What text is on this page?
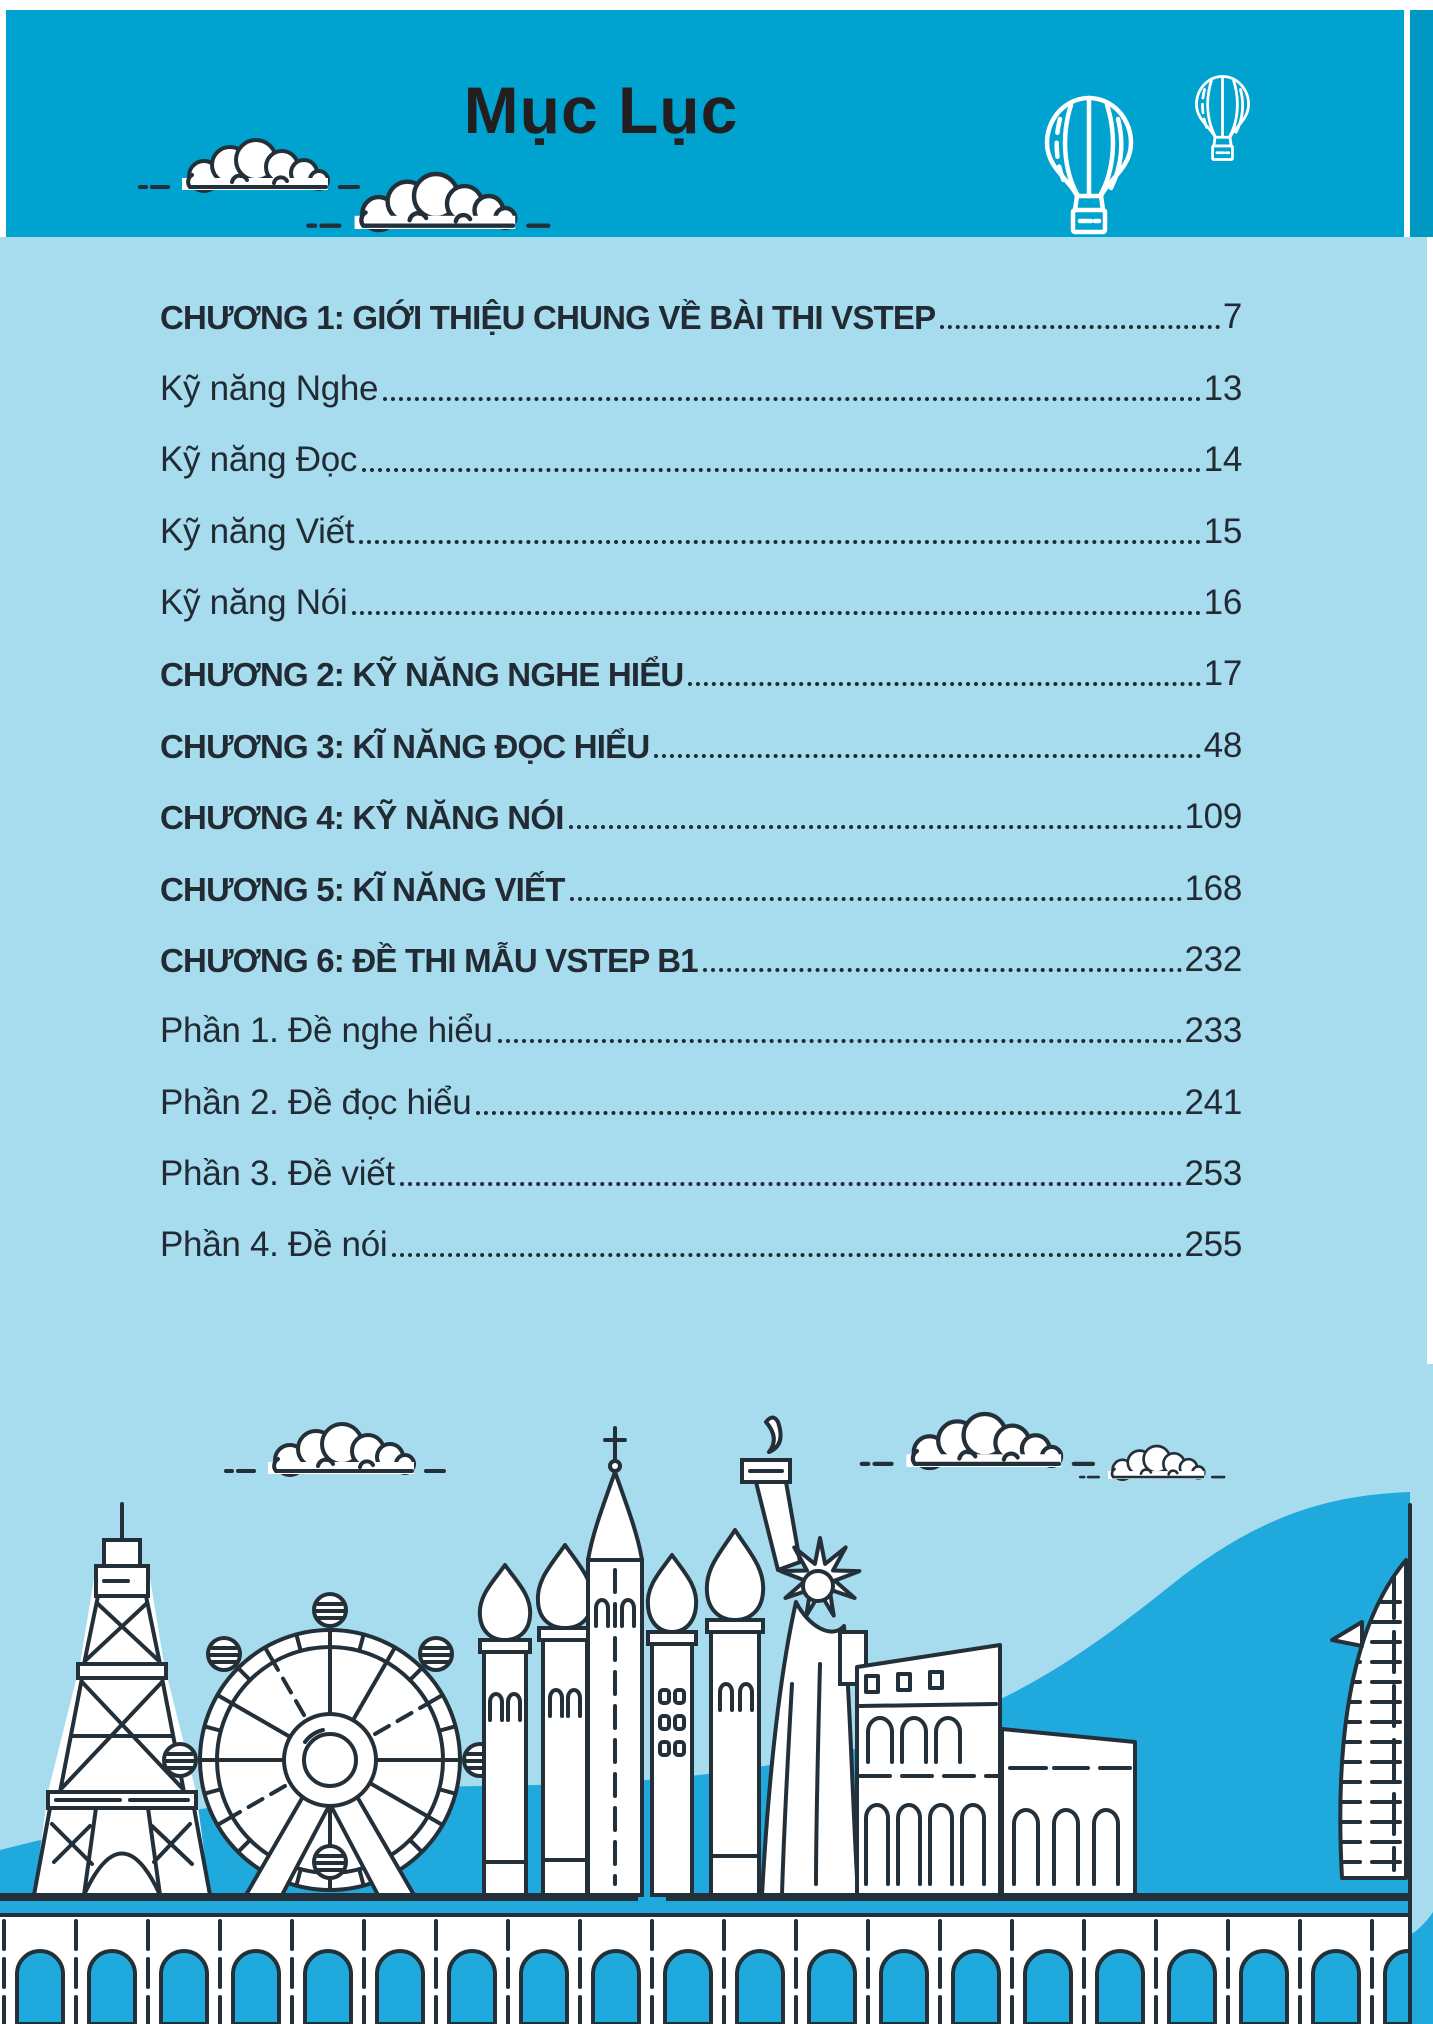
Mục Lục
CHƯƠNG 1: GIỚI THIỆU CHUNG VỀ BÀI THI VSTEP	7
Kỹ năng Nghe	13
Kỹ năng Đọc	14
Kỹ năng Viết	15
Kỹ năng Nói	16
CHƯƠNG 2: KỸ NĂNG NGHE HIỂU	17
CHƯƠNG 3: KĨ NĂNG ĐỌC HIỂU	48
CHƯƠNG 4: KỸ NĂNG NÓI	109
CHƯƠNG 5: KĨ NĂNG VIẾT	168
CHƯƠNG 6: ĐỀ THI MẪU VSTEP B1	232
Phần 1. Đề nghe hiểu	233
Phần 2. Đề đọc hiểu	241
Phần 3. Đề viết	253
Phần 4. Đề nói	255
